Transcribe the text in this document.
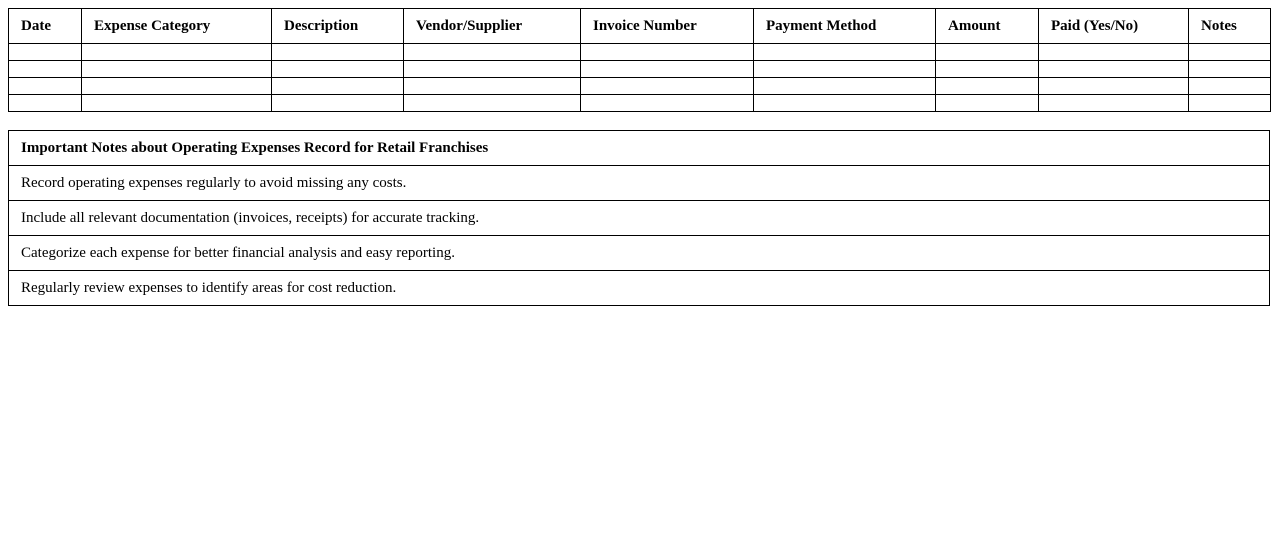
Date	Expense Category	Description	Vendor/Supplier	Invoice Number	Payment Method	Amount	Paid (Yes/No)	Notes

Important Notes about Operating Expenses Record for Retail Franchises
Record operating expenses regularly to avoid missing any costs.
Include all relevant documentation (invoices, receipts) for accurate tracking.
Categorize each expense for better financial analysis and easy reporting.
Regularly review expenses to identify areas for cost reduction.
